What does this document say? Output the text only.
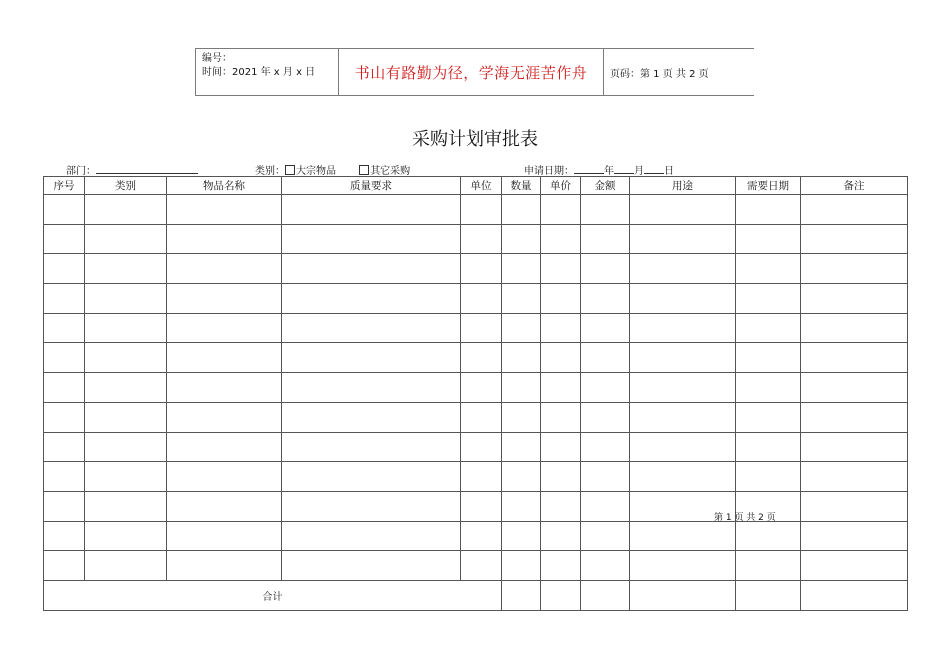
编号：
时间：2021 年 x 月 x 日	书山有路勤为径，学海无涯苦作舟 页码：第 1 页 共 2 页
采购计划审批表
部门：	类别： 大宗物品	其它采购	申请日期：	年 月 日
序号	类别	物品名称	质量要求	单位	数量	单价	金额	用途	需要日期	备注

合计										
第 1 页 共 2 页
